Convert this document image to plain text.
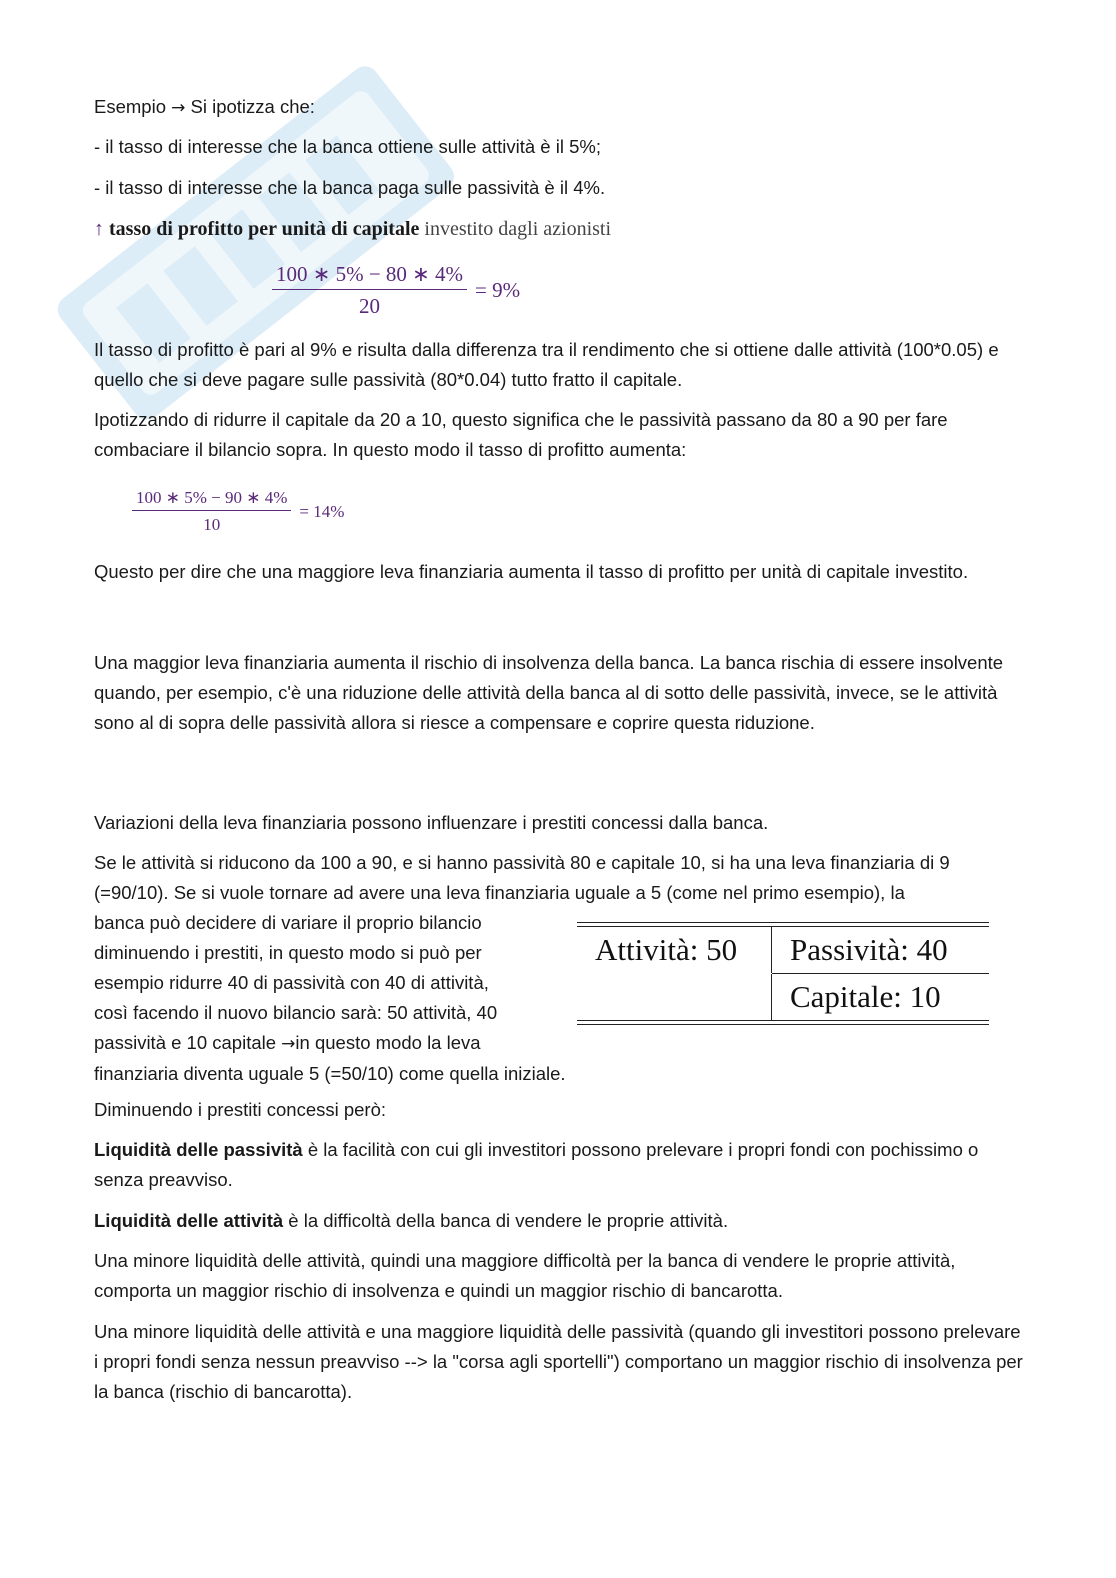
Esempio → Si ipotizza che:

- il tasso di interesse che la banca ottiene sulle attività è il 5%;

- il tasso di interesse che la banca paga sulle passività è il 4%.

↑ tasso di profitto per unità di capitale investito dagli azionisti

$\frac{100 ∗ 5\% - 80 ∗ 4\%}{20} = 9\%$

Il tasso di profitto è pari al 9% e risulta dalla differenza tra il rendimento che si ottiene dalle attività (100*0.05) e quello che si deve pagare sulle passività (80*0.04) tutto fratto il capitale.

Ipotizzando di ridurre il capitale da 20 a 10, questo significa che le passività passano da 80 a 90 per fare combaciare il bilancio sopra. In questo modo il tasso di profitto aumenta:

$\frac{100 ∗ 5\% - 90 ∗ 4\%}{10} = 14\%$

Questo per dire che una maggiore leva finanziaria aumenta il tasso di profitto per unità di capitale investito.

Una maggior leva finanziaria aumenta il rischio di insolvenza della banca. La banca rischia di essere insolvente quando, per esempio, c'è una riduzione delle attività della banca al di sotto delle passività, invece, se le attività sono al di sopra delle passività allora si riesce a compensare e coprire questa riduzione.

Variazioni della leva finanziaria possono influenzare i prestiti concessi dalla banca.

Se le attività si riducono da 100 a 90, e si hanno passività 80 e capitale 10, si ha una leva finanziaria di 9 (=90/10). Se si vuole tornare ad avere una leva finanziaria uguale a 5 (come nel primo esempio), la

banca può decidere di variare il proprio bilancio
diminuendo i prestiti, in questo modo si può per
esempio ridurre 40 di passività con 40 di attività,
così facendo il nuovo bilancio sarà: 50 attività, 40
passività e 10 capitale →in questo modo la leva
finanziaria diventa uguale 5 (=50/10) come quella iniziale.
Attività: 50	Passività: 40
Capitale: 10

Diminuendo i prestiti concessi però:

Liquidità delle passività è la facilità con cui gli investitori possono prelevare i propri fondi con pochissimo o senza preavviso.

Liquidità delle attività è la difficoltà della banca di vendere le proprie attività.

Una minore liquidità delle attività, quindi una maggiore difficoltà per la banca di vendere le proprie attività, comporta un maggior rischio di insolvenza e quindi un maggior rischio di bancarotta.

Una minore liquidità delle attività e una maggiore liquidità delle passività (quando gli investitori possono prelevare i propri fondi senza nessun preavviso --> la "corsa agli sportelli") comportano un maggior rischio di insolvenza per la banca (rischio di bancarotta).
